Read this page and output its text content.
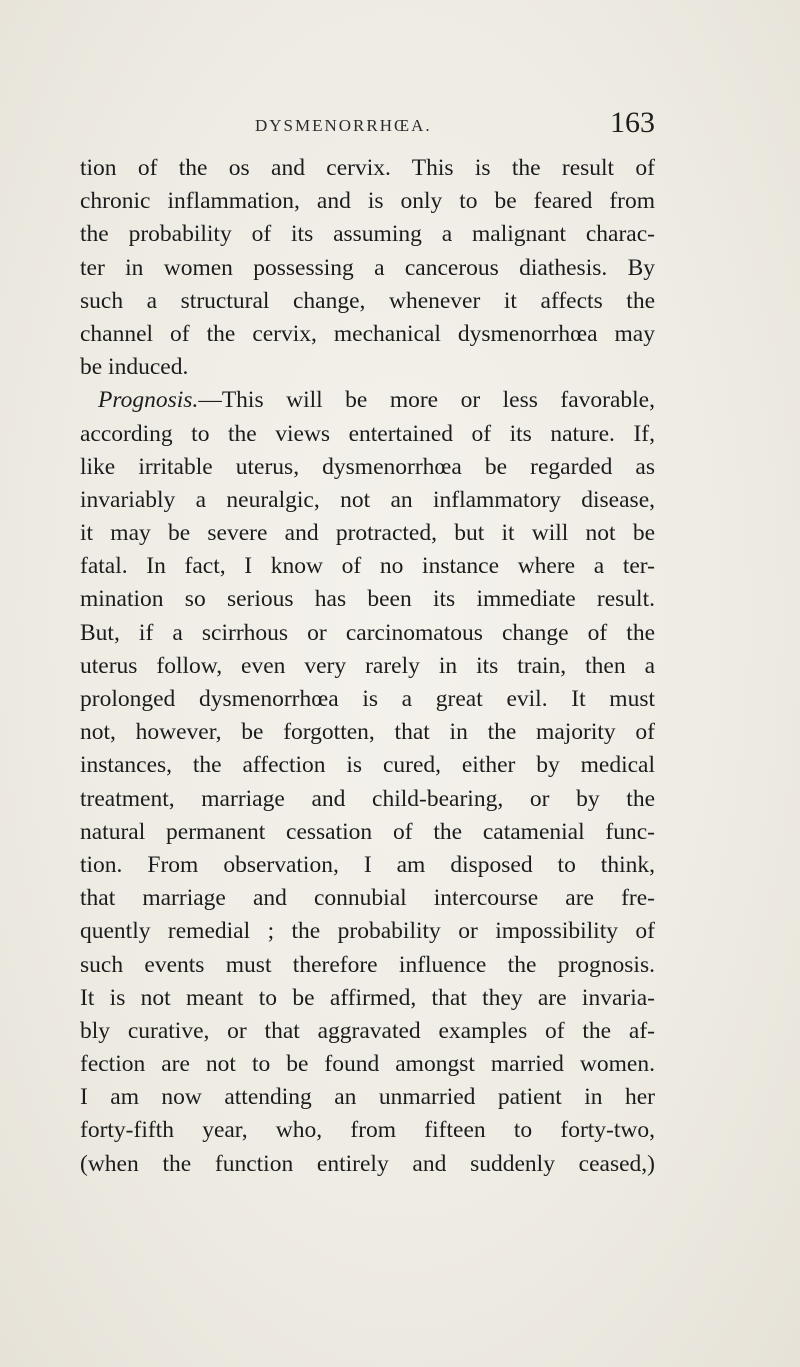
DYSMENORRHŒA.	163
tion of the os and cervix. This is the result of
chronic inflammation, and is only to be feared from
the probability of its assuming a malignant charac-
ter in women possessing a cancerous diathesis. By
such a structural change, whenever it affects the
channel of the cervix, mechanical dysmenorrhœa may
be induced.
Prognosis.—This will be more or less favorable,
according to the views entertained of its nature. If,
like irritable uterus, dysmenorrhœa be regarded as
invariably a neuralgic, not an inflammatory disease,
it may be severe and protracted, but it will not be
fatal. In fact, I know of no instance where a ter-
mination so serious has been its immediate result.
But, if a scirrhous or carcinomatous change of the
uterus follow, even very rarely in its train, then a
prolonged dysmenorrhœa is a great evil. It must
not, however, be forgotten, that in the majority of
instances, the affection is cured, either by medical
treatment, marriage and child-bearing, or by the
natural permanent cessation of the catamenial func-
tion. From observation, I am disposed to think,
that marriage and connubial intercourse are fre-
quently remedial ; the probability or impossibility of
such events must therefore influence the prognosis.
It is not meant to be affirmed, that they are invaria-
bly curative, or that aggravated examples of the af-
fection are not to be found amongst married women.
I am now attending an unmarried patient in her
forty-fifth year, who, from fifteen to forty-two,
(when the function entirely and suddenly ceased,)
